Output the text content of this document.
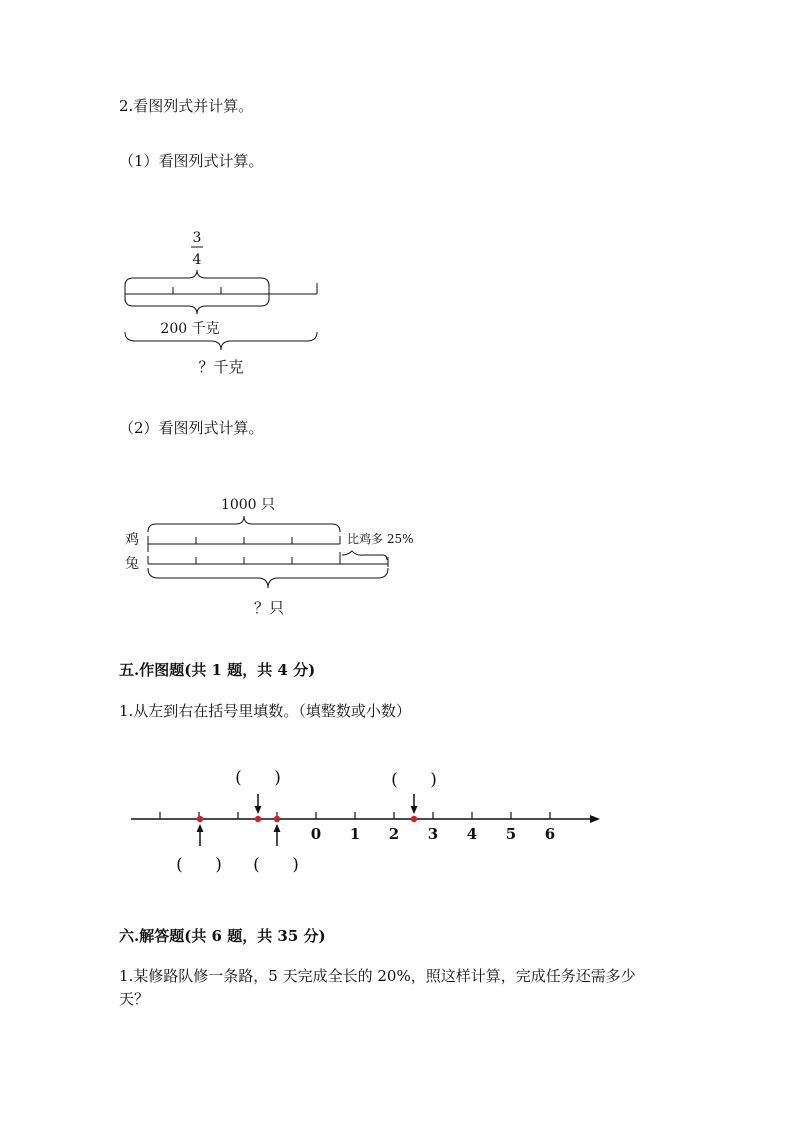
2.看图列式并计算。
（1）看图列式计算。
3
4
200 千克
？千克
（2）看图列式计算。
1000 只
鸡	比鸡多 25%
兔
？只
五.作图题(共 1 题，共 4 分)
1.从左到右在括号里填数。（填整数或小数）
0 1 2 3 4 5 6
(      )	(      )
(      ) (      )
六.解答题(共 6 题，共 35 分)
1.某修路队修一条路，5 天完成全长的 20%，照这样计算，完成任务还需多少
天？
